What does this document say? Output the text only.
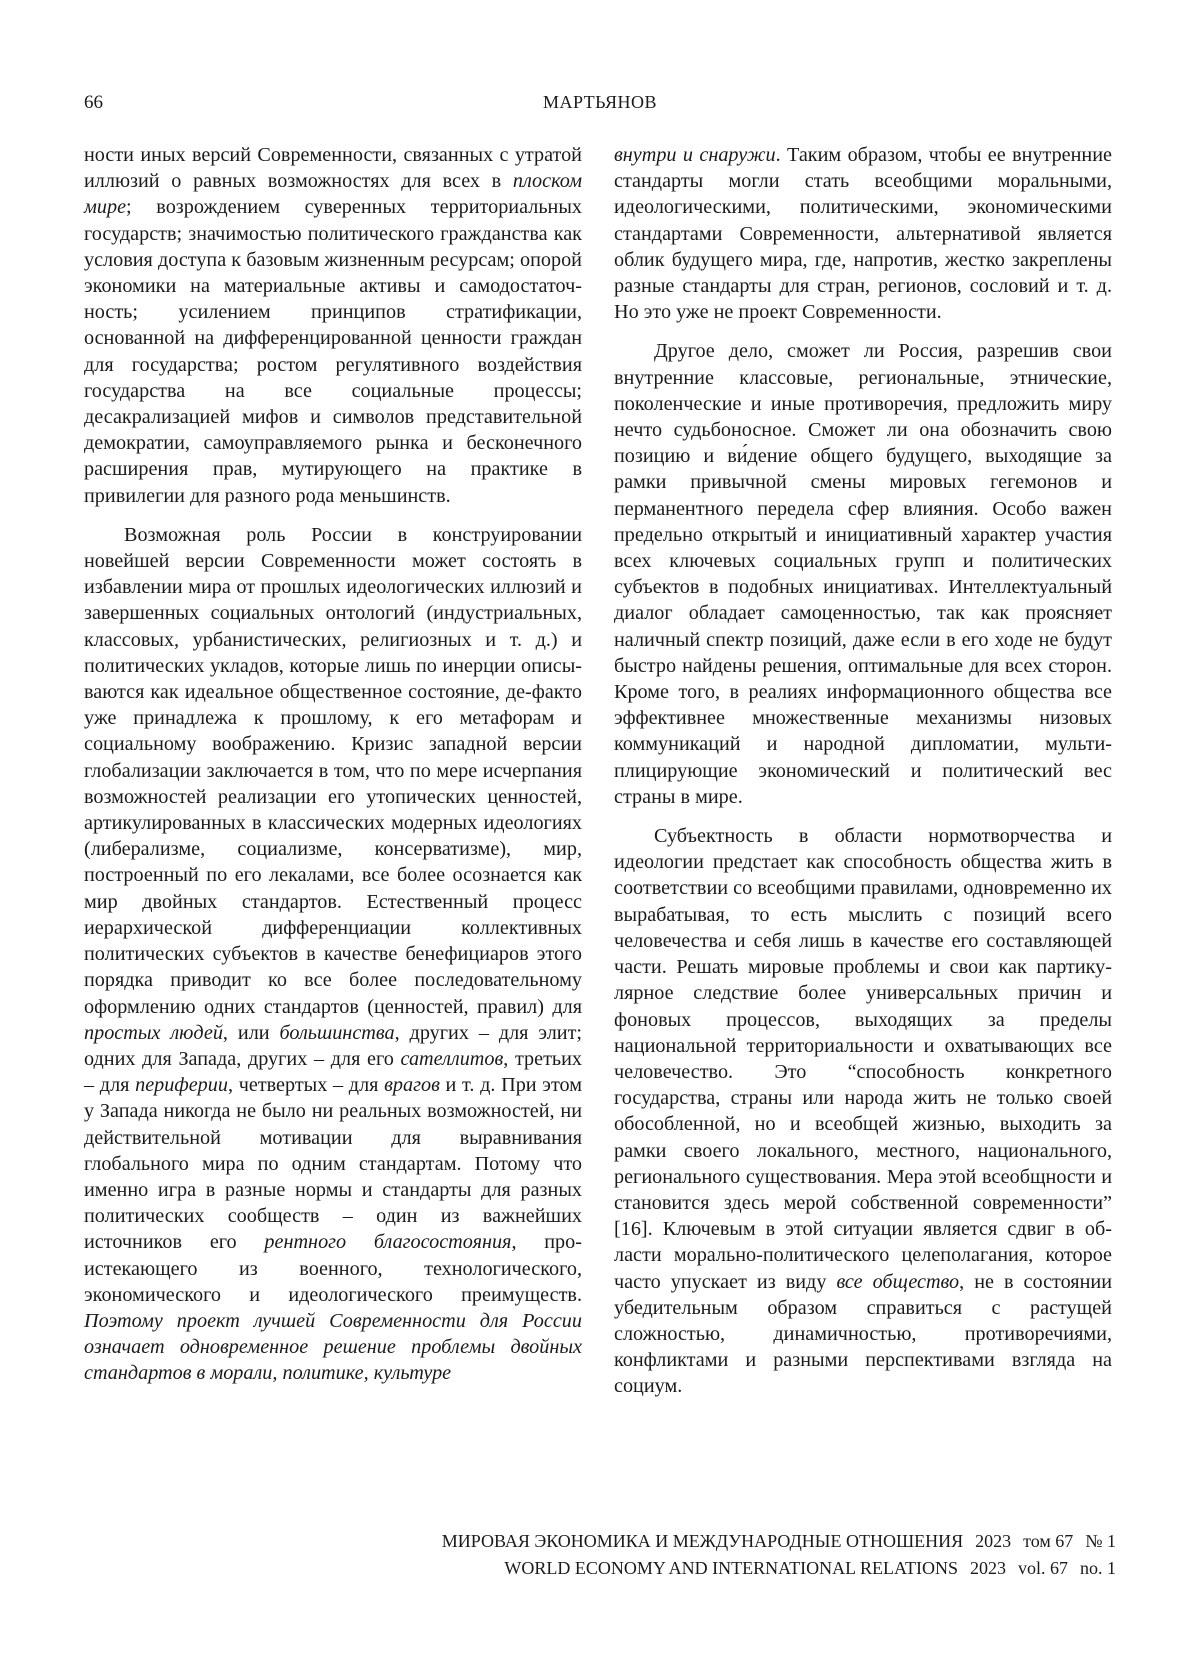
66	МАРТЬЯНОВ

ности иных версий Современности, связанных с утратой иллюзий о равных возможностях для всех в плоском мире; возрождением суверенных территориальных государств; значимостью политического гражданства как условия доступа к базовым жизненным ресурсам; опорой экономики на материальные активы и самодостаточность; усилением принципов стратификации, основанной на дифференцированной ценности граждан для государства; ростом регулятивного воздействия государства на все социальные процессы; десакрализацией мифов и символов представительной демократии, самоуправляемого рынка и бесконечного расширения прав, мутирующего на практике в привилегии для разного рода меньшинств.

Возможная роль России в конструировании новейшей версии Современности может состоять в избавлении мира от прошлых идеологических иллюзий и завершенных социальных онтологий (индустриальных, классовых, урбанистических, религиозных и т. д.) и политических укладов, которые лишь по инерции описываются как идеальное общественное состояние, де-факто уже принадлежа к прошлому, к его метафорам и социальному воображению. Кризис западной версии глобализации заключается в том, что по мере исчерпания возможностей реализации его утопических ценностей, артикулированных в классических модерных идеологиях (либерализме, социализме, консерватизме), мир, построенный по его лекалами, все более осознается как мир двойных стандартов. Естественный процесс иерархической дифференциации коллективных политических субъектов в качестве бенефициаров этого порядка приводит ко все более последовательному оформлению одних стандартов (ценностей, правил) для простых людей, или большинства, других – для элит; одних для Запада, других – для его сателлитов, третьих – для периферии, четвертых – для врагов и т. д. При этом у Запада никогда не было ни реальных возможностей, ни действительной мотивации для выравнивания глобального мира по одним стандартам. Потому что именно игра в разные нормы и стандарты для разных политических сообществ – один из важнейших источников его рентного благосостояния, проистекающего из военного, технологического, экономического и идеологического преимуществ. Поэтому проект лучшей Современности для России означает одновременное решение проблемы двойных стандартов в морали, политике, культуре

внутри и снаружи. Таким образом, чтобы ее внутренние стандарты могли стать всеобщими моральными, идеологическими, политическими, экономическими стандартами Современности, альтернативой является облик будущего мира, где, напротив, жестко закреплены разные стандарты для стран, регионов, сословий и т. д. Но это уже не проект Современности.

Другое дело, сможет ли Россия, разрешив свои внутренние классовые, региональные, этнические, поколенческие и иные противоречия, предложить миру нечто судьбоносное. Сможет ли она обозначить свою позицию и ви́дение общего будущего, выходящие за рамки привычной смены мировых гегемонов и перманентного переделa сфер влияния. Особо важен предельно открытый и инициативный характер участия всех ключевых социальных групп и политических субъектов в подобных инициативах. Интеллектуальный диалог обладает самоценностью, так как проясняет наличный спектр позиций, даже если в его ходе не будут быстро найдены решения, оптимальные для всех сторон. Кроме того, в реалиях информационного общества все эффективнее множественные механизмы низовых коммуникаций и народной дипломатии, мультиплицирующие экономический и политический вес страны в мире.

Субъектность в области нормотворчества и идеологии предстает как способность общества жить в соответствии со всеобщими правилами, одновременно их вырабатывая, то есть мыслить с позиций всего человечества и себя лишь в качестве его составляющей части. Решать мировые проблемы и свои как партикулярное следствие более универсальных причин и фоновых процессов, выходящих за пределы национальной территориальности и охватывающих все человечество. Это “способность конкретного государства, страны или народа жить не только своей обособленной, но и всеобщей жизнью, выходить за рамки своего локального, местного, национального, регионального существования. Мера этой всеобщности и становится здесь мерой собственной современности” [16]. Ключевым в этой ситуации является сдвиг в области морально-политического целеполагания, которое часто упускает из виду все общество, не в состоянии убедительным образом справиться с растущей сложностью, динамичностью, противоречиями, конфликтами и разными перспективами взгляда на социум.

МИРОВАЯ ЭКОНОМИКА И МЕЖДУНАРОДНЫЕ ОТНОШЕНИЯ 2023 том 67 № 1
WORLD ECONOMY AND INTERNATIONAL RELATIONS 2023 vol. 67 no. 1
